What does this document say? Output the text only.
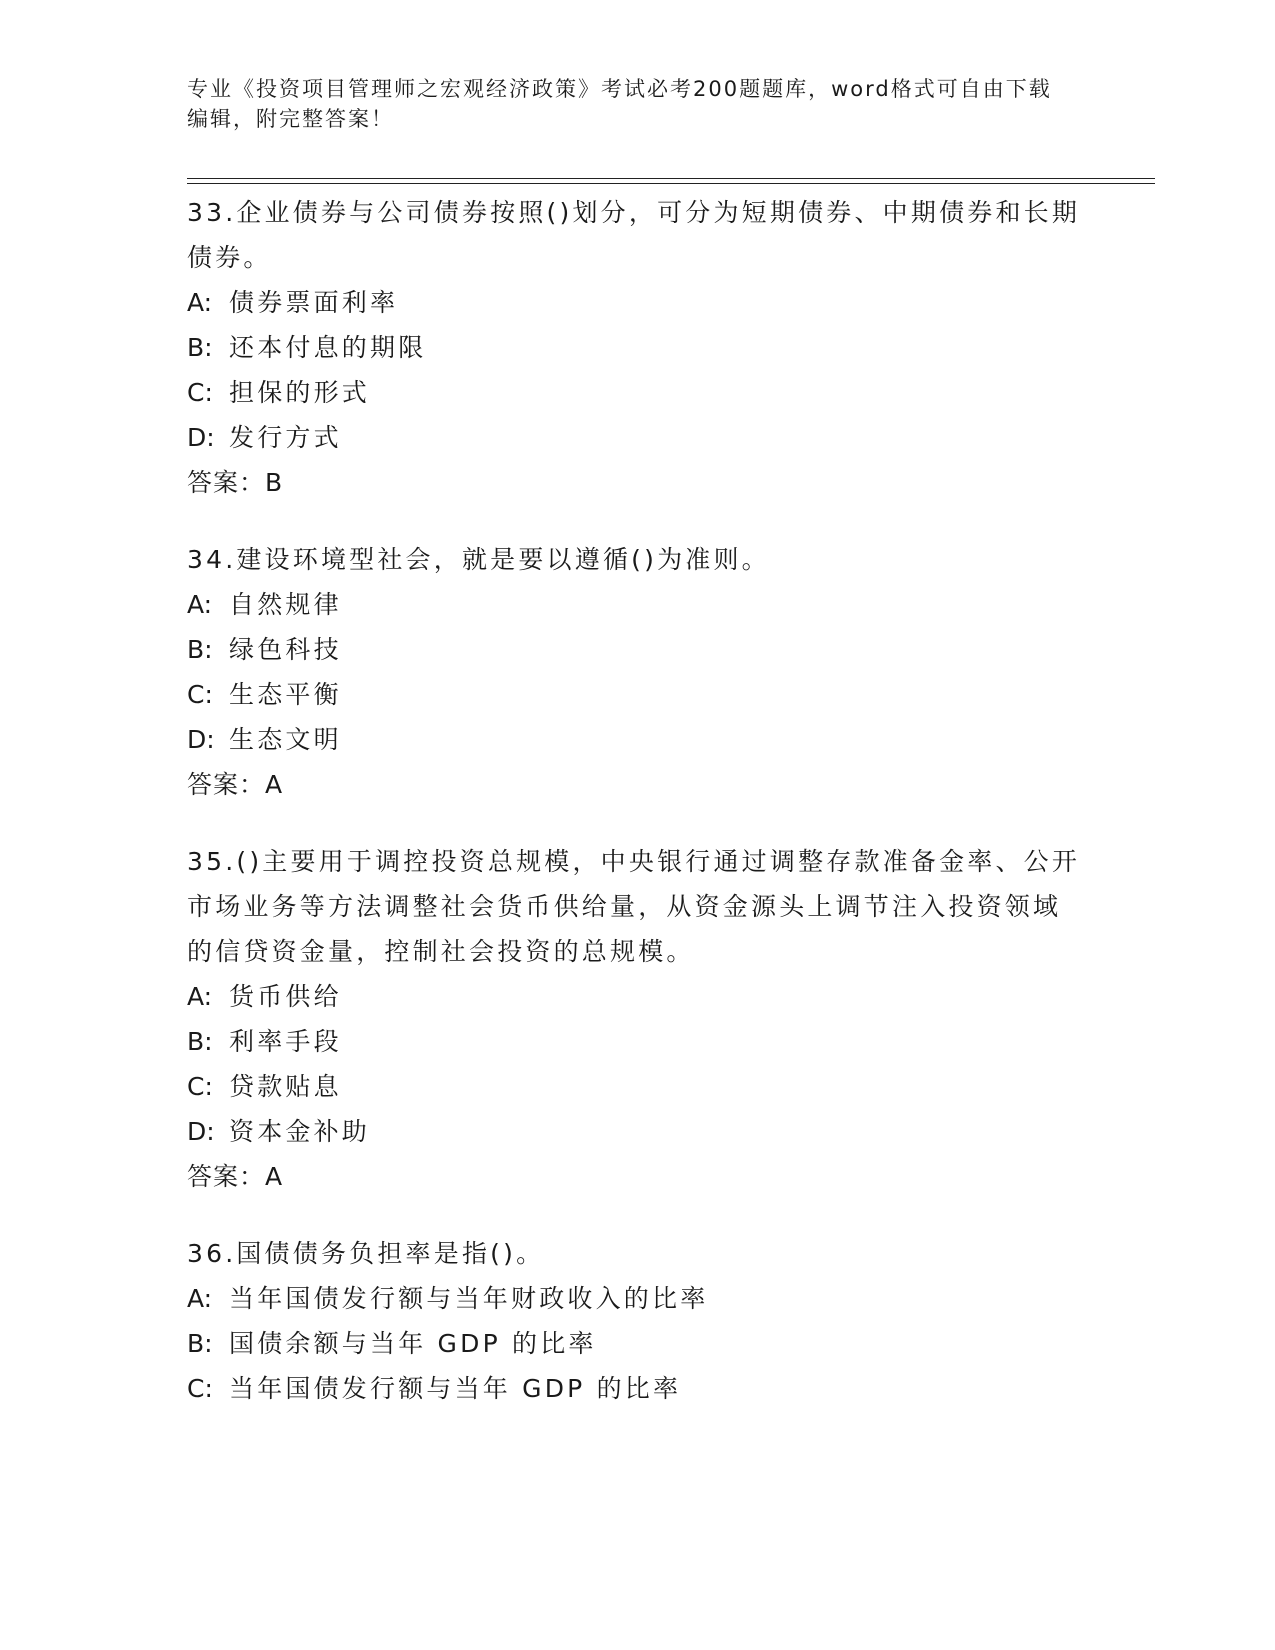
专业《投资项目管理师之宏观经济政策》考试必考200题题库，word格式可自由下载编辑，附完整答案！

33.企业债券与公司债券按照()划分，可分为短期债券、中期债券和长期债券。

A: 债券票面利率

B: 还本付息的期限

C: 担保的形式

D: 发行方式

答案：B

34.建设环境型社会，就是要以遵循()为准则。

A: 自然规律

B: 绿色科技

C: 生态平衡

D: 生态文明

答案：A

35.()主要用于调控投资总规模，中央银行通过调整存款准备金率、公开市场业务等方法调整社会货币供给量，从资金源头上调节注入投资领域的信贷资金量，控制社会投资的总规模。

A: 货币供给

B: 利率手段

C: 贷款贴息

D: 资本金补助

答案：A

36.国债债务负担率是指()。

A: 当年国债发行额与当年财政收入的比率

B: 国债余额与当年 GDP 的比率

C: 当年国债发行额与当年 GDP 的比率
